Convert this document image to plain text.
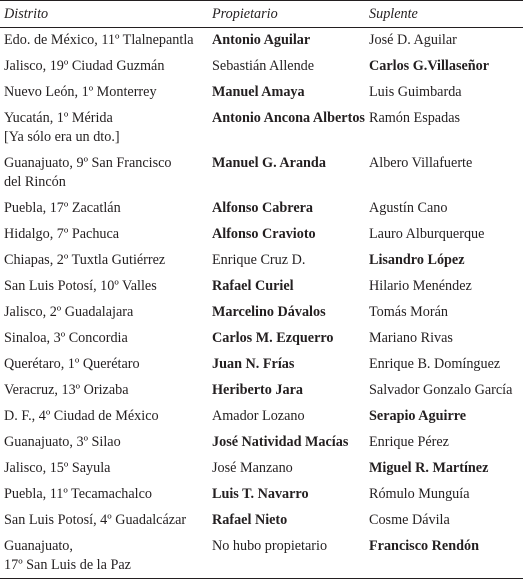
Distrito	Propietario	Suplente

Edo. de México, 11º Tlalnepantla	Antonio Aguilar	José D. Aguilar

Jalisco, 19º Ciudad Guzmán	Sebastián Allende	Carlos G.Villaseñor

Nuevo León, 1º Monterrey	Manuel Amaya	Luis Guimbarda

Yucatán, 1º Mérida
[Ya sólo era un dto.]	Antonio Ancona Albertos	Ramón Espadas

Guanajuato, 9º San Francisco
del Rincón	Manuel G. Aranda	Albero Villafuerte

Puebla, 17º Zacatlán	Alfonso Cabrera	Agustín Cano

Hidalgo, 7º Pachuca	Alfonso Cravioto	Lauro Alburquerque

Chiapas, 2º Tuxtla Gutiérrez	Enrique Cruz D.	Lisandro López

San Luis Potosí, 10º Valles	Rafael Curiel	Hilario Menéndez

Jalisco, 2º Guadalajara	Marcelino Dávalos	Tomás Morán

Sinaloa, 3º Concordia	Carlos M. Ezquerro	Mariano Rivas

Querétaro, 1º Querétaro	Juan N. Frías	Enrique B. Domínguez

Veracruz, 13º Orizaba	Heriberto Jara	Salvador Gonzalo García

D. F., 4º Ciudad de México	Amador Lozano	Serapio Aguirre

Guanajuato, 3º Silao	José Natividad Macías	Enrique Pérez

Jalisco, 15º Sayula	José Manzano	Miguel R. Martínez

Puebla, 11º Tecamachalco	Luis T. Navarro	Rómulo Munguía

San Luis Potosí, 4º Guadalcázar	Rafael Nieto	Cosme Dávila

Guanajuato,
17º San Luis de la Paz	No hubo propietario	Francisco Rendón
